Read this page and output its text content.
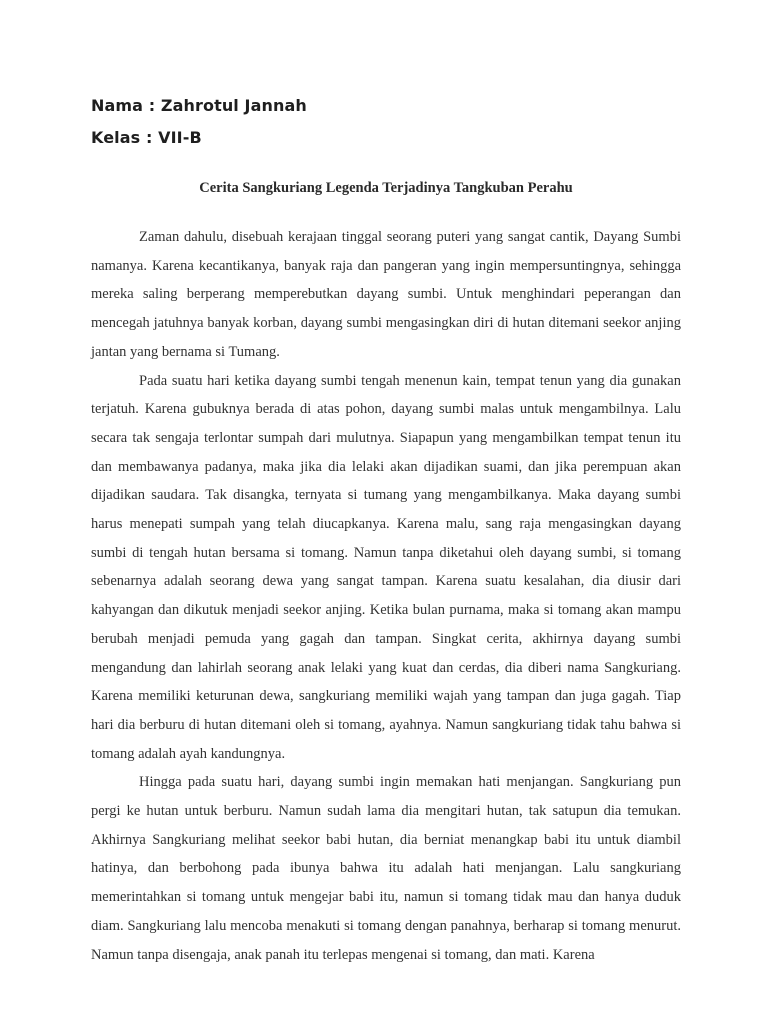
Nama : Zahrotul Jannah
Kelas : VII-B
Cerita Sangkuriang Legenda Terjadinya Tangkuban Perahu

Zaman dahulu, disebuah kerajaan tinggal seorang puteri yang sangat cantik, Dayang Sumbi namanya. Karena kecantikanya, banyak raja dan pangeran yang ingin mempersuntingnya, sehingga mereka saling berperang memperebutkan dayang sumbi. Untuk menghindari peperangan dan mencegah jatuhnya banyak korban, dayang sumbi mengasingkan diri di hutan ditemani seekor anjing jantan yang bernama si Tumang.

Pada suatu hari ketika dayang sumbi tengah menenun kain, tempat tenun yang dia gunakan terjatuh. Karena gubuknya berada di atas pohon, dayang sumbi malas untuk mengambilnya. Lalu secara tak sengaja terlontar sumpah dari mulutnya. Siapapun yang mengambilkan tempat tenun itu dan membawanya padanya, maka jika dia lelaki akan dijadikan suami, dan jika perempuan akan dijadikan saudara. Tak disangka, ternyata si tumang yang mengambilkanya. Maka dayang sumbi harus menepati sumpah yang telah diucapkanya. Karena malu, sang raja mengasingkan dayang sumbi di tengah hutan bersama si tomang. Namun tanpa diketahui oleh dayang sumbi, si tomang sebenarnya adalah seorang dewa yang sangat tampan. Karena suatu kesalahan, dia diusir dari kahyangan dan dikutuk menjadi seekor anjing. Ketika bulan purnama, maka si tomang akan mampu berubah menjadi pemuda yang gagah dan tampan. Singkat cerita, akhirnya dayang sumbi mengandung dan lahirlah seorang anak lelaki yang kuat dan cerdas, dia diberi nama Sangkuriang. Karena memiliki keturunan dewa, sangkuriang memiliki wajah yang tampan dan juga gagah. Tiap hari dia berburu di hutan ditemani oleh si tomang, ayahnya. Namun sangkuriang tidak tahu bahwa si tomang adalah ayah kandungnya.

Hingga pada suatu hari, dayang sumbi ingin memakan hati menjangan. Sangkuriang pun pergi ke hutan untuk berburu. Namun sudah lama dia mengitari hutan, tak satupun dia temukan. Akhirnya Sangkuriang melihat seekor babi hutan, dia berniat menangkap babi itu untuk diambil hatinya, dan berbohong pada ibunya bahwa itu adalah hati menjangan. Lalu sangkuriang memerintahkan si tomang untuk mengejar babi itu, namun si tomang tidak mau dan hanya duduk diam. Sangkuriang lalu mencoba menakuti si tomang dengan panahnya, berharap si tomang menurut. Namun tanpa disengaja, anak panah itu terlepas mengenai si tomang, dan mati. Karena
